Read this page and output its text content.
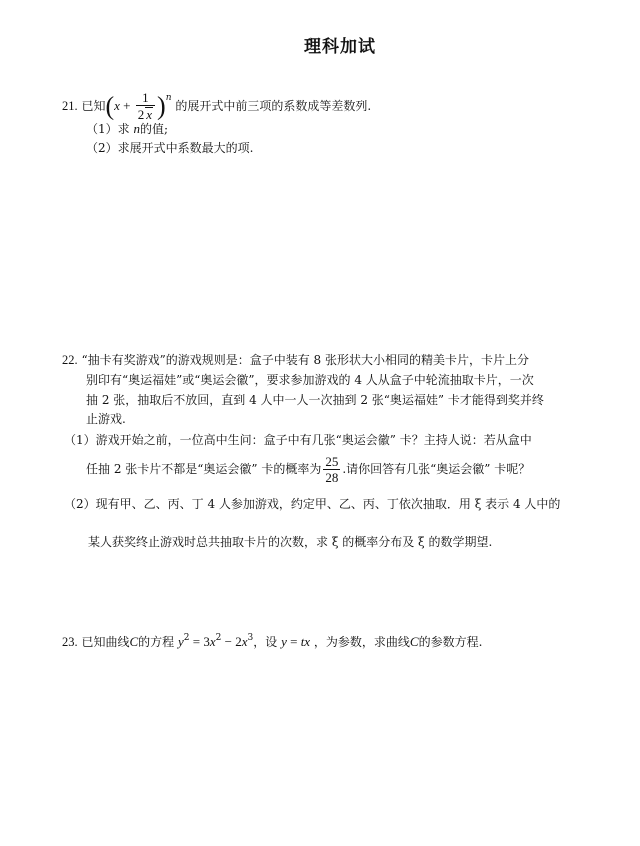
理科加试
21. 已知$(x + \frac{1}{2 x} )^n$ 的展开式中前三项的系数成等差数列.
（1）求 n的值;
（2）求展开式中系数最大的项.
22. “抽卡有奖游戏”的游戏规则是：盒子中装有 8 张形状大小相同的精美卡片，卡片上分
别印有“奥运福娃”或“奥运会徽”，要求参加游戏的 4 人从盒子中轮流抽取卡片，一次
抽 2 张，抽取后不放回，直到 4 人中一人一次抽到 2 张“奥运福娃” 卡才能得到奖并终
止游戏.
（1）游戏开始之前，一位高中生问：盒子中有几张“奥运会徽” 卡？主持人说：若从盒中
任抽 2 张卡片不都是“奥运会徽” 卡的概率为 $\frac{25}{28}$ .请你回答有几张“奥运会徽” 卡呢？
（2）现有甲、乙、丙、丁 4 人参加游戏，约定甲、乙、丙、丁依次抽取．用 ξ 表示 4 人中的
某人获奖终止游戏时总共抽取卡片的次数，求 ξ 的概率分布及 ξ 的数学期望.
23. 已知曲线C的方程 $y^2 = 3x^2 - 2x^3$，设 y = tx ，为参数，求曲线C的参数方程.
